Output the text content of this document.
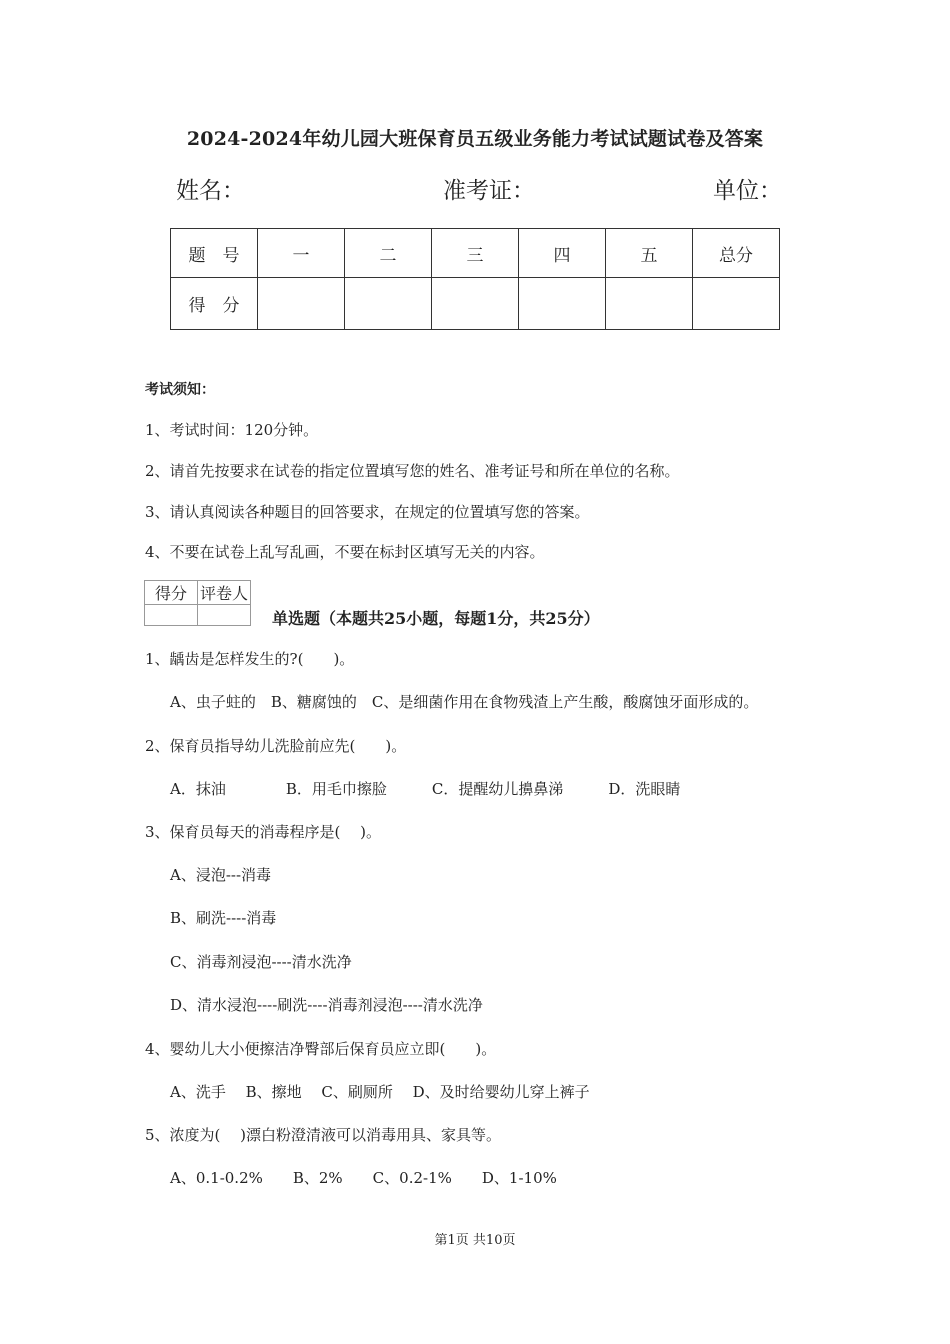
2024-2024年幼儿园大班保育员五级业务能力考试试题试卷及答案
姓名：	准考证：	单位：
题　号	一	二	三	四	五	总分
得　分						
考试须知：
1、考试时间：120分钟。
2、请首先按要求在试卷的指定位置填写您的姓名、准考证号和所在单位的名称。
3、请认真阅读各种题目的回答要求，在规定的位置填写您的答案。
4、不要在试卷上乱写乱画，不要在标封区填写无关的内容。
得分	评卷人

单选题（本题共25小题，每题1分，共25分）
1、龋齿是怎样发生的?(　　)。
A、虫子蛀的　B、糖腐蚀的　C、是细菌作用在食物残渣上产生酸，酸腐蚀牙面形成的。
2、保育员指导幼儿洗脸前应先(　　)。
A．抹油　　　　B．用毛巾擦脸　　　C．提醒幼儿擤鼻涕　　　D．洗眼睛
3、保育员每天的消毒程序是(　 )。
A、浸泡---消毒
B、刷洗----消毒
C、消毒剂浸泡----清水洗净
D、清水浸泡----刷洗----消毒剂浸泡----清水洗净
4、婴幼儿大小便擦洁净臀部后保育员应立即(　　)。
A、洗手　 B、擦地　 C、刷厕所　 D、及时给婴幼儿穿上裤子
5、浓度为(　 )漂白粉澄清液可以消毒用具、家具等。
A、0.1-0.2%　　B、2%　　C、0.2-1%　　D、1-10%
第1页 共10页
